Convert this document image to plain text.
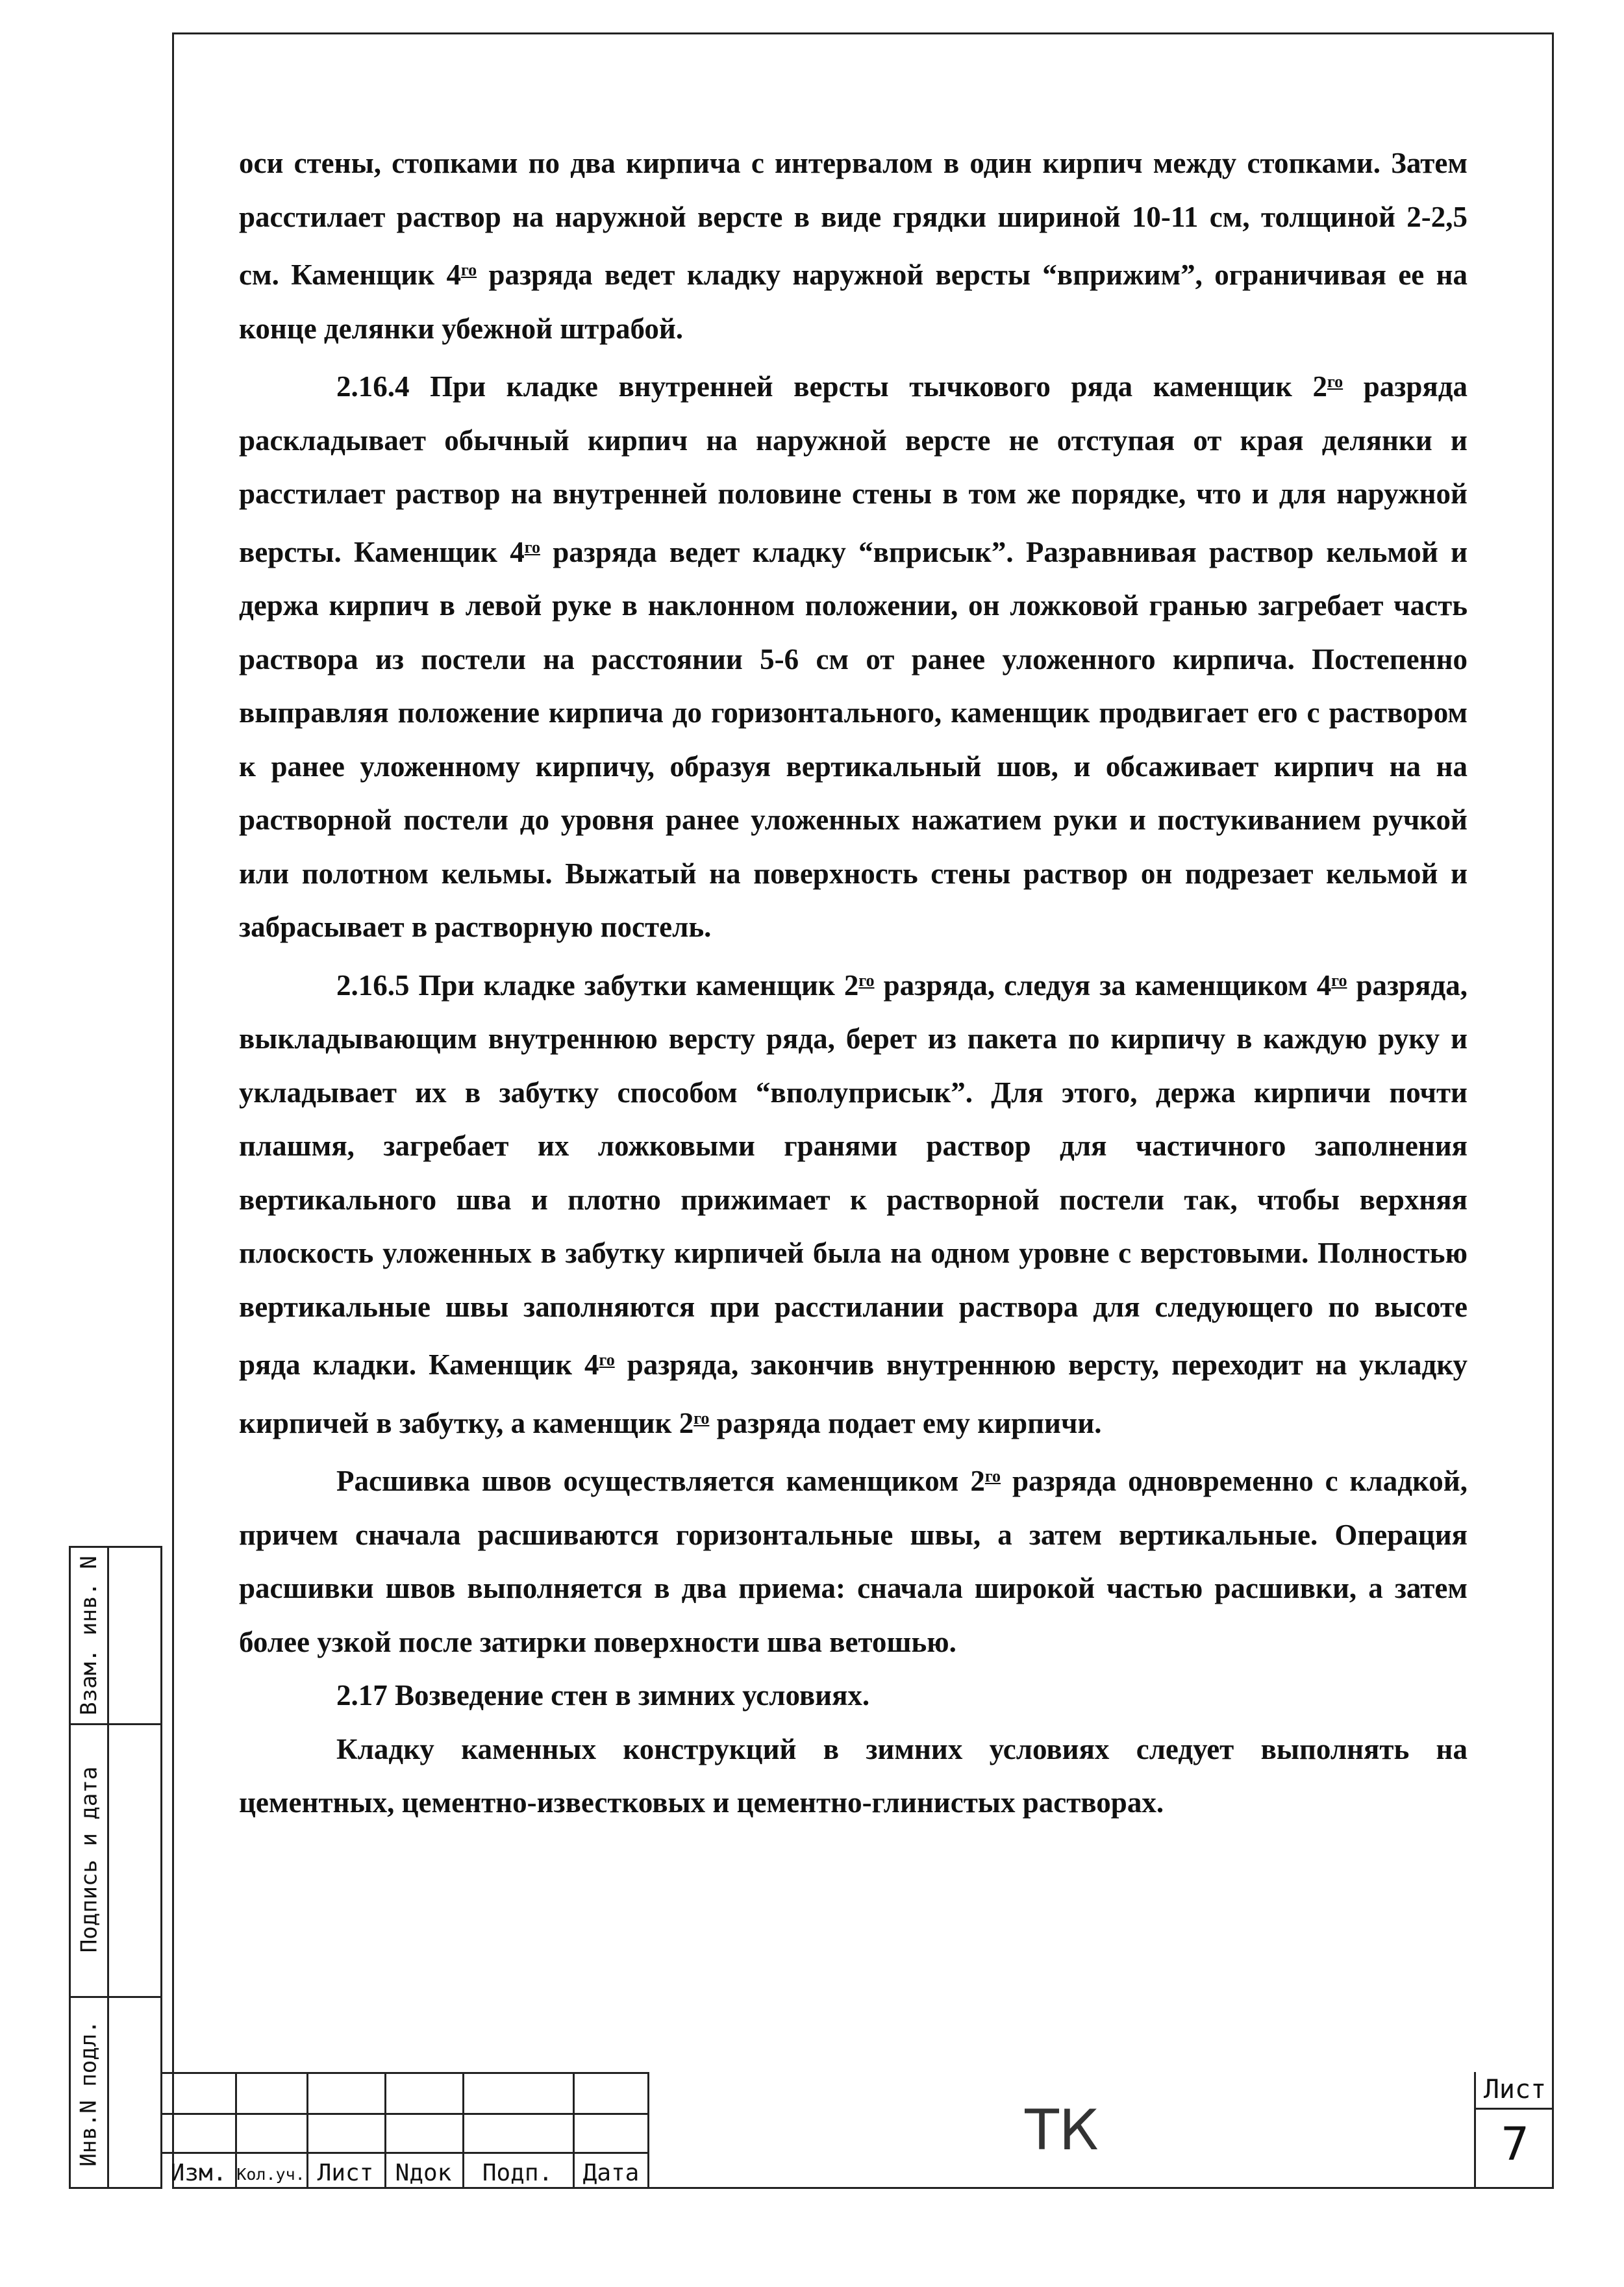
оси стены, стопками по два кирпича с интервалом в один кирпич между стопками. Затем расстилает раствор на наружной версте в виде грядки шириной 10-11 см, толщиной 2-2,5 см. Каменщик $4^{го}$ разряда ведет кладку наружной версты “вприжим”, ограничивая ее на конце делянки убежной штрабой.

2.16.4 При кладке внутренней версты тычкового ряда каменщик $2^{го}$ разряда раскладывает обычный кирпич на наружной версте не отступая от края делянки и расстилает раствор на внутренней половине стены в том же порядке, что и для наружной версты. Каменщик $4^{го}$ разряда ведет кладку “вприсык”. Разравнивая раствор кельмой и держа кирпич в левой руке в наклонном положении, он ложковой гранью загребает часть раствора из постели на расстоянии 5-6 см от ранее уложенного кирпича. Постепенно выправляя положение кирпича до горизонтального, каменщик продвигает его с раствором к ранее уложенному кирпичу, образуя вертикальный шов, и обсаживает кирпич на на растворной постели до уровня ранее уложенных нажатием руки и постукиванием ручкой или полотном кельмы. Выжатый на поверхность стены раствор он подрезает кельмой и забрасывает в растворную постель.

2.16.5 При кладке забутки каменщик $2^{го}$ разряда, следуя за каменщиком $4^{го}$ разряда, выкладывающим внутреннюю версту ряда, берет из пакета по кирпичу в каждую руку и укладывает их в забутку способом “вполуприсык”. Для этого, держа кирпичи почти плашмя, загребает их ложковыми гранями раствор для частичного заполнения вертикального шва и плотно прижимает к растворной постели так, чтобы верхняя плоскость уложенных в забутку кирпичей была на одном уровне с верстовыми. Полностью вертикальные швы заполняются при расстилании раствора для следующего по высоте ряда кладки. Каменщик $4^{го}$ разряда, закончив внутреннюю версту, переходит на укладку кирпичей в забутку, а каменщик $2^{го}$ разряда подает ему кирпичи.

Расшивка швов осуществляется каменщиком $2^{го}$ разряда одновременно с кладкой, причем сначала расшиваются горизонтальные швы, а затем вертикальные. Операция расшивки швов выполняется в два приема: сначала широкой частью расшивки, а затем более узкой после затирки поверхности шва ветошью.

2.17 Возведение стен в зимних условиях.

Кладку каменных конструкций в зимних условиях следует выполнять на цементных, цементно-известковых и цементно-глинистых растворах.

Взам. инв. N
Подпись и дата
Инв.N подл.
Изм. Кол.уч. Лист Nдок	Подп.	Дата
ТК
Лист
7
